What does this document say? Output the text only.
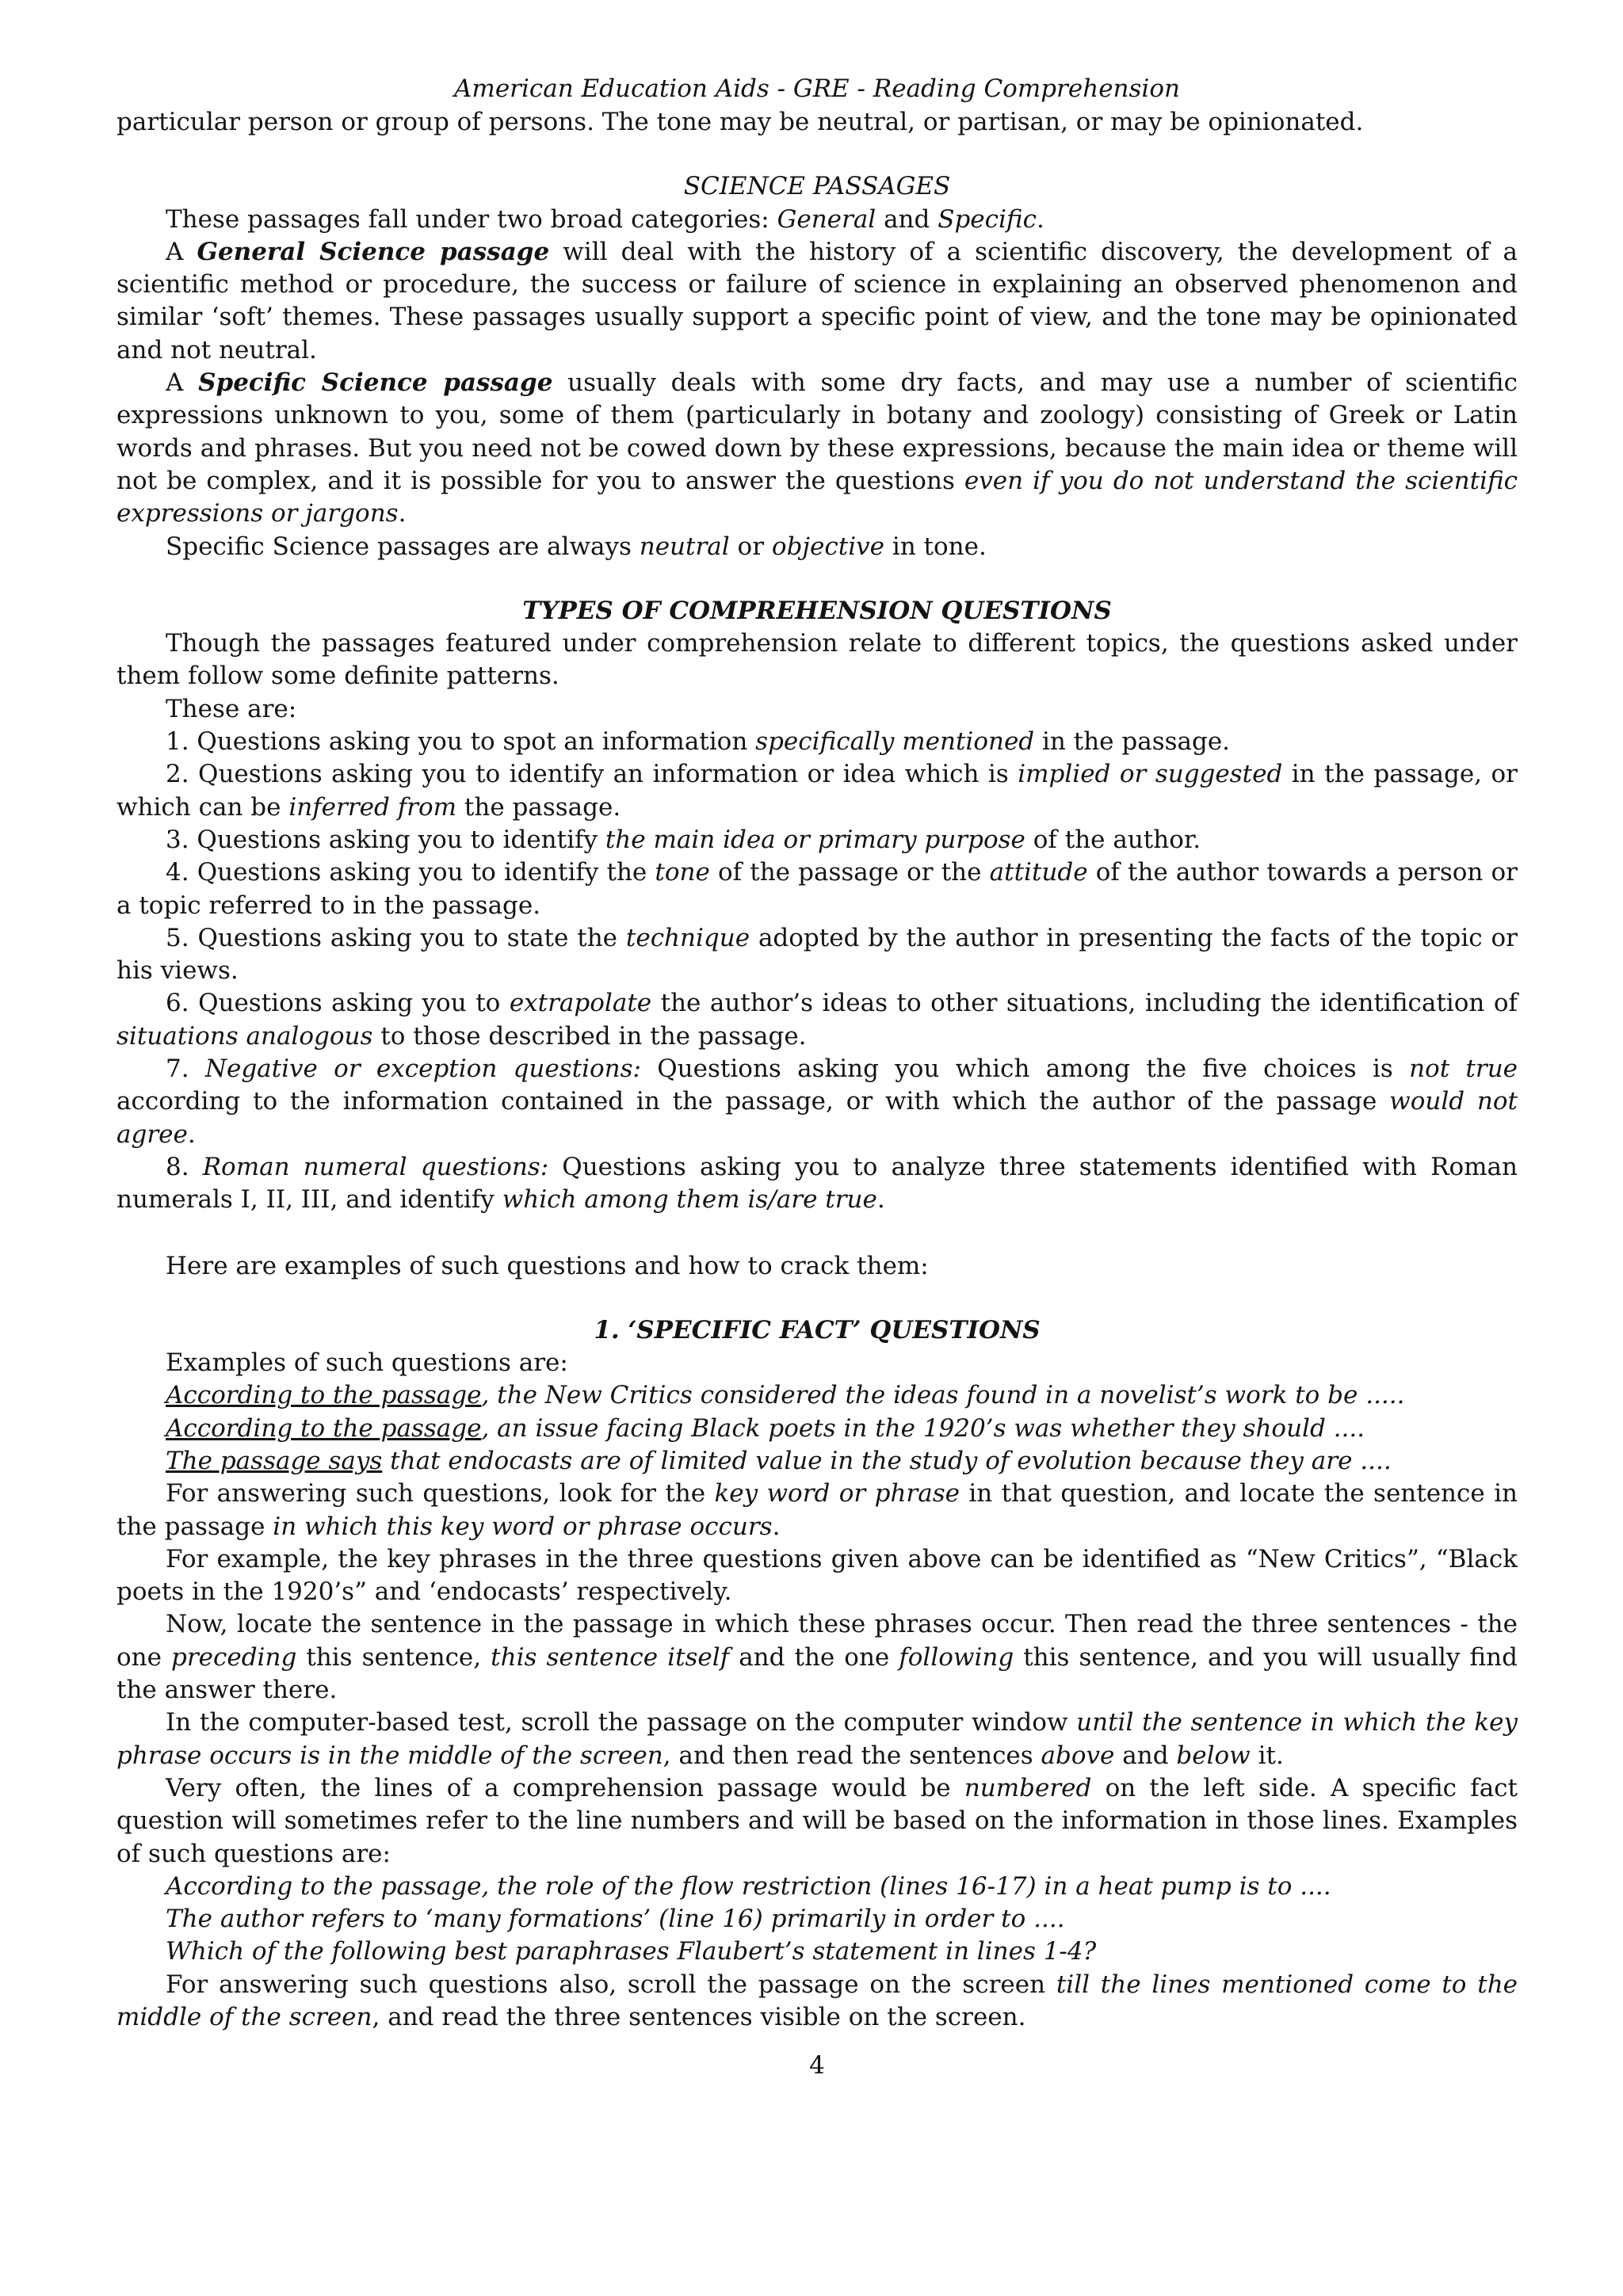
American Education Aids - GRE - Reading Comprehension

particular person or group of persons. The tone may be neutral, or partisan, or may be opinionated.

SCIENCE PASSAGES

These passages fall under two broad categories: General and Specific.

A General Science passage will deal with the history of a scientific discovery, the development of a scientific method or procedure, the success or failure of science in explaining an observed phenomenon and similar ‘soft’ themes. These passages usually support a specific point of view, and the tone may be opinionated and not neutral.

A Specific Science passage usually deals with some dry facts, and may use a number of scientific expressions unknown to you, some of them (particularly in botany and zoology) consisting of Greek or Latin words and phrases. But you need not be cowed down by these expressions, because the main idea or theme will not be complex, and it is possible for you to answer the questions even if you do not understand the scientific expressions or jargons.

Specific Science passages are always neutral or objective in tone.

TYPES OF COMPREHENSION QUESTIONS

Though the passages featured under comprehension relate to different topics, the questions asked under them follow some definite patterns.

These are:

1. Questions asking you to spot an information specifically mentioned in the passage.

2. Questions asking you to identify an information or idea which is implied or suggested in the passage, or which can be inferred from the passage.

3. Questions asking you to identify the main idea or primary purpose of the author.

4. Questions asking you to identify the tone of the passage or the attitude of the author towards a person or a topic referred to in the passage.

5. Questions asking you to state the technique adopted by the author in presenting the facts of the topic or his views.

6. Questions asking you to extrapolate the author’s ideas to other situations, including the identification of situations analogous to those described in the passage.

7. Negative or exception questions: Questions asking you which among the five choices is not true according to the information contained in the passage, or with which the author of the passage would not agree.

8. Roman numeral questions: Questions asking you to analyze three statements identified with Roman numerals I, II, III, and identify which among them is/are true.

Here are examples of such questions and how to crack them:

1. ‘SPECIFIC FACT’ QUESTIONS

Examples of such questions are:

According to the passage, the New Critics considered the ideas found in a novelist’s work to be .....

According to the passage, an issue facing Black poets in the 1920’s was whether they should ....

The passage says that endocasts are of limited value in the study of evolution because they are ....

For answering such questions, look for the key word or phrase in that question, and locate the sentence in the passage in which this key word or phrase occurs.

For example, the key phrases in the three questions given above can be identified as “New Critics”, “Black poets in the 1920’s” and ‘endocasts’ respectively.

Now, locate the sentence in the passage in which these phrases occur. Then read the three sentences - the one preceding this sentence, this sentence itself and the one following this sentence, and you will usually find the answer there.

In the computer-based test, scroll the passage on the computer window until the sentence in which the key phrase occurs is in the middle of the screen, and then read the sentences above and below it.

Very often, the lines of a comprehension passage would be numbered on the left side. A specific fact question will sometimes refer to the line numbers and will be based on the information in those lines. Examples of such questions are:

According to the passage, the role of the flow restriction (lines 16-17) in a heat pump is to ....

The author refers to ‘many formations’ (line 16) primarily in order to ....

Which of the following best paraphrases Flaubert’s statement in lines 1-4?

For answering such questions also, scroll the passage on the screen till the lines mentioned come to the middle of the screen, and read the three sentences visible on the screen.

4
